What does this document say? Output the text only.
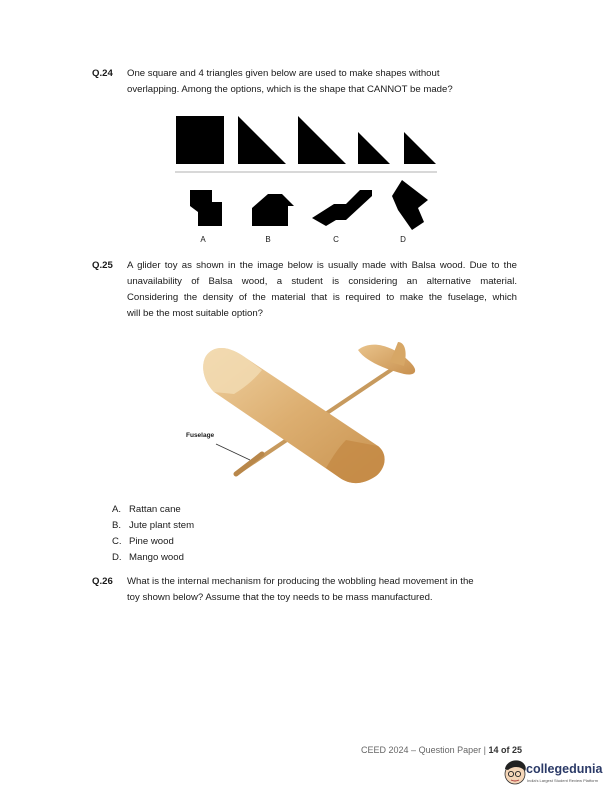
Q.24 One square and 4 triangles given below are used to make shapes without
overlapping. Among the options, which is the shape that CANNOT be made?
A	B	C	D
Q.25 A glider toy as shown in the image below is usually made with Balsa wood. Due to the
unavailability of Balsa wood, a student is considering an alternative material.
Considering the density of the material that is required to make the fuselage, which
will be the most suitable option?
Fuselage
A. Rattan cane
B. Jute plant stem
C. Pine wood
D. Mango wood
Q.26 What is the internal mechanism for producing the wobbling head movement in the
toy shown below? Assume that the toy needs to be mass manufactured.
CEED 2024 – Question Paper | 14 of 25
collegedunia
India's Largest Student Review Platform
